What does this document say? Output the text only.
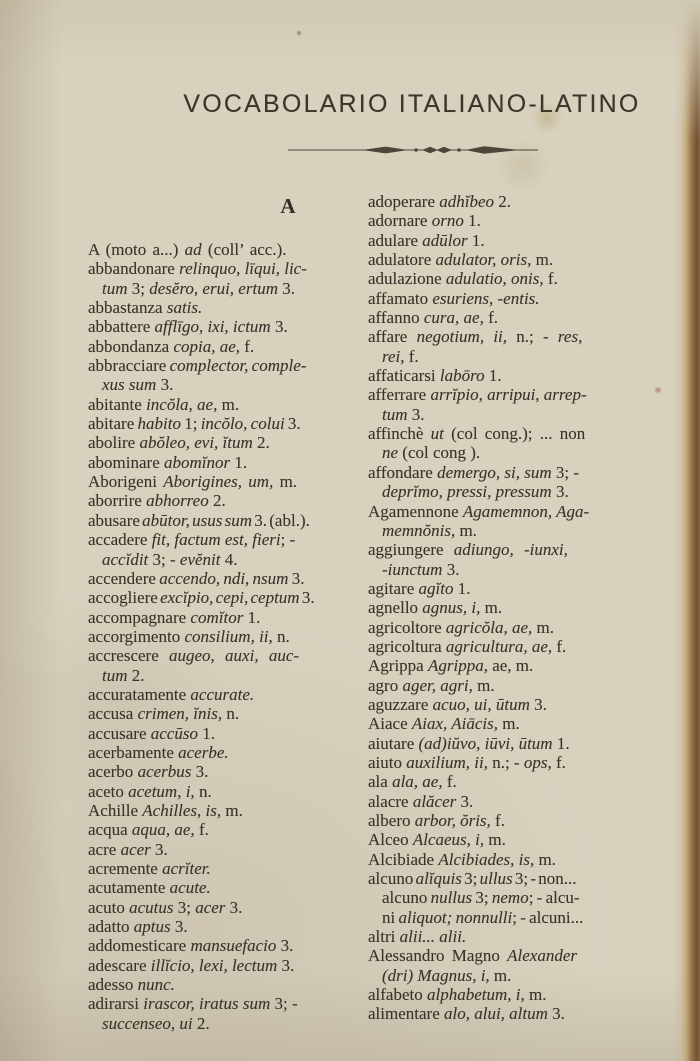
VOCABOLARIO ITALIANO-LATINO
A
A (moto a...) ad (coll’ acc.).
abbandonare relinquo, līqui, lic-
tum 3; desĕro, erui, ertum 3.
abbastanza satis.
abbattere afflīgo, ixi, ictum 3.
abbondanza copia, ae, f.
abbracciare complector, comple-
xus sum 3.
abitante incŏla, ae, m.
abitare habito 1; incŏlo, colui 3.
abolire abŏleo, evi, ĭtum 2.
abominare abomĭnor 1.
Aborigeni Aborigines, um, m.
aborrire abhorreo 2.
abusare abūtor, usus sum 3. (abl.).
accadere fit, factum est, fieri; -
accĭdit 3; - evĕnit 4.
accendere accendo, ndi, nsum 3.
accogliere excĭpio, cepi, ceptum 3.
accompagnare comĭtor 1.
accorgimento consilium, ii, n.
accrescere augeo, auxi, auc-
tum 2.
accuratamente accurate.
accusa crimen, ĭnis, n.
accusare accūso 1.
acerbamente acerbe.
acerbo acerbus 3.
aceto acetum, i, n.
Achille Achilles, is, m.
acqua aqua, ae, f.
acre acer 3.
acremente acrĭter.
acutamente acute.
acuto acutus 3; acer 3.
adatto aptus 3.
addomesticare mansuefacio 3.
adescare illĭcio, lexi, lectum 3.
adesso nunc.
adirarsi irascor, iratus sum 3; -
succenseo, ui 2.
adoperare adhĭbeo 2.
adornare orno 1.
adulare adūlor 1.
adulatore adulator, oris, m.
adulazione adulatio, onis, f.
affamato esuriens, -entis.
affanno cura, ae, f.
affare negotium, ii, n.; - res,
rei, f.
affaticarsi labōro 1.
afferrare arrĭpio, arripui, arrep-
tum 3.
affinchè ut (col cong.); ... non
ne (col cong ).
affondare demergo, si, sum 3; -
deprĭmo, pressi, pressum 3.
Agamennone Agamemnon, Aga-
memnŏnis, m.
aggiungere adiungo, -iunxi,
-iunctum 3.
agitare agĭto 1.
agnello agnus, i, m.
agricoltore agricŏla, ae, m.
agricoltura agricultura, ae, f.
Agrippa Agrippa, ae, m.
agro ager, agri, m.
aguzzare acuo, ui, ūtum 3.
Aiace Aiax, Aiācis, m.
aiutare (ad)iŭvo, iūvi, ūtum 1.
aiuto auxilium, ii, n.; - ops, f.
ala ala, ae, f.
alacre alăcer 3.
albero arbor, ŏris, f.
Alceo Alcaeus, i, m.
Alcibiade Alcibiades, is, m.
alcuno alĭquis 3; ullus 3; - non...
alcuno nullus 3; nemo; - alcu-
ni aliquot; nonnulli; - alcuni...
altri alii... alii.
Alessandro Magno Alexander
(dri) Magnus, i, m.
alfabeto alphabetum, i, m.
alimentare alo, alui, altum 3.
